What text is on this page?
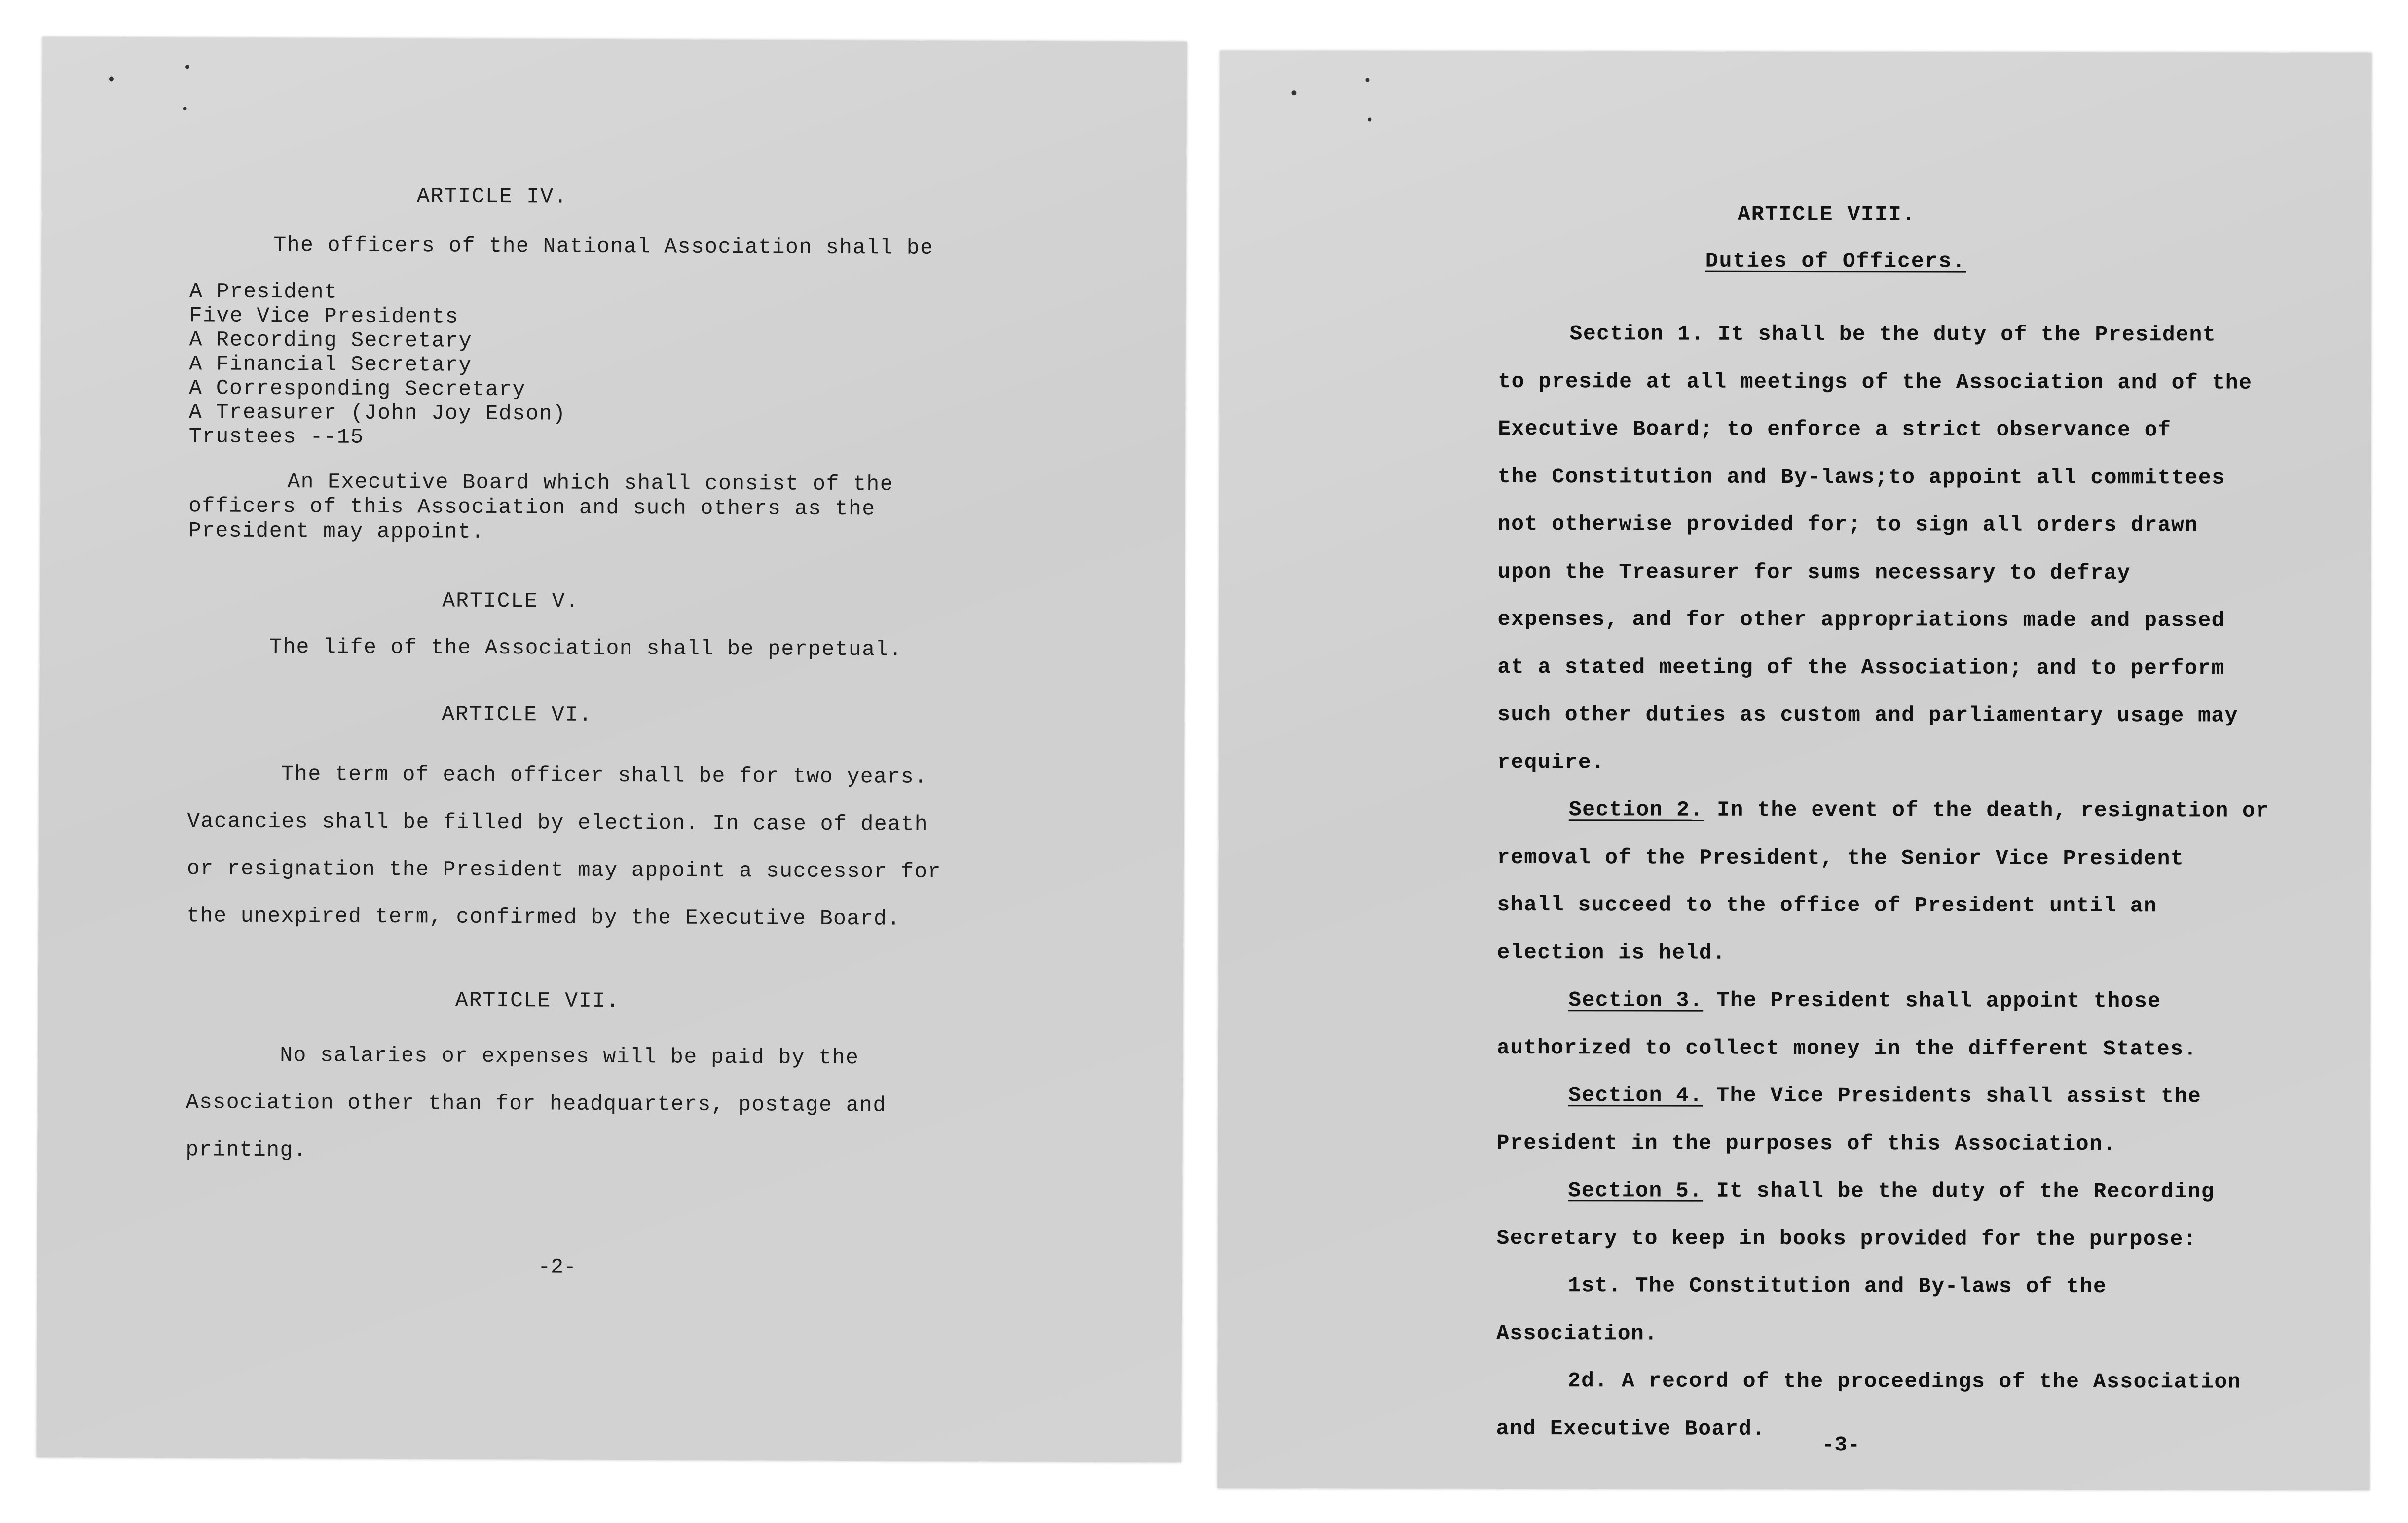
ARTICLE IV.
The officers of the National Association shall be
A President
Five Vice Presidents
A Recording Secretary
A Financial Secretary
A Corresponding Secretary
A Treasurer (John Joy Edson)
Trustees --15
An Executive Board which shall consist of the
officers of this Association and such others as the
President may appoint.
ARTICLE V.
The life of the Association shall be perpetual.
ARTICLE VI.
The term of each officer shall be for two years.
Vacancies shall be filled by election. In case of death
or resignation the President may appoint a successor for
the unexpired term, confirmed by the Executive Board.
ARTICLE VII.
No salaries or expenses will be paid by the
Association other than for headquarters, postage and
printing.
-2-
ARTICLE VIII.
Duties of Officers.
Section 1. It shall be the duty of the President
to preside at all meetings of the Association and of the
Executive Board; to enforce a strict observance of
the Constitution and By-laws;to appoint all committees
not otherwise provided for; to sign all orders drawn
upon the Treasurer for sums necessary to defray
expenses, and for other appropriations made and passed
at a stated meeting of the Association; and to perform
such other duties as custom and parliamentary usage may
require.
Section 2. In the event of the death, resignation or
removal of the President, the Senior Vice President
shall succeed to the office of President until an
election is held.
Section 3. The President shall appoint those
authorized to collect money in the different States.
Section 4. The Vice Presidents shall assist the
President in the purposes of this Association.
Section 5. It shall be the duty of the Recording
Secretary to keep in books provided for the purpose:
1st. The Constitution and By-laws of the
Association.
2d. A record of the proceedings of the Association
and Executive Board.
-3-
